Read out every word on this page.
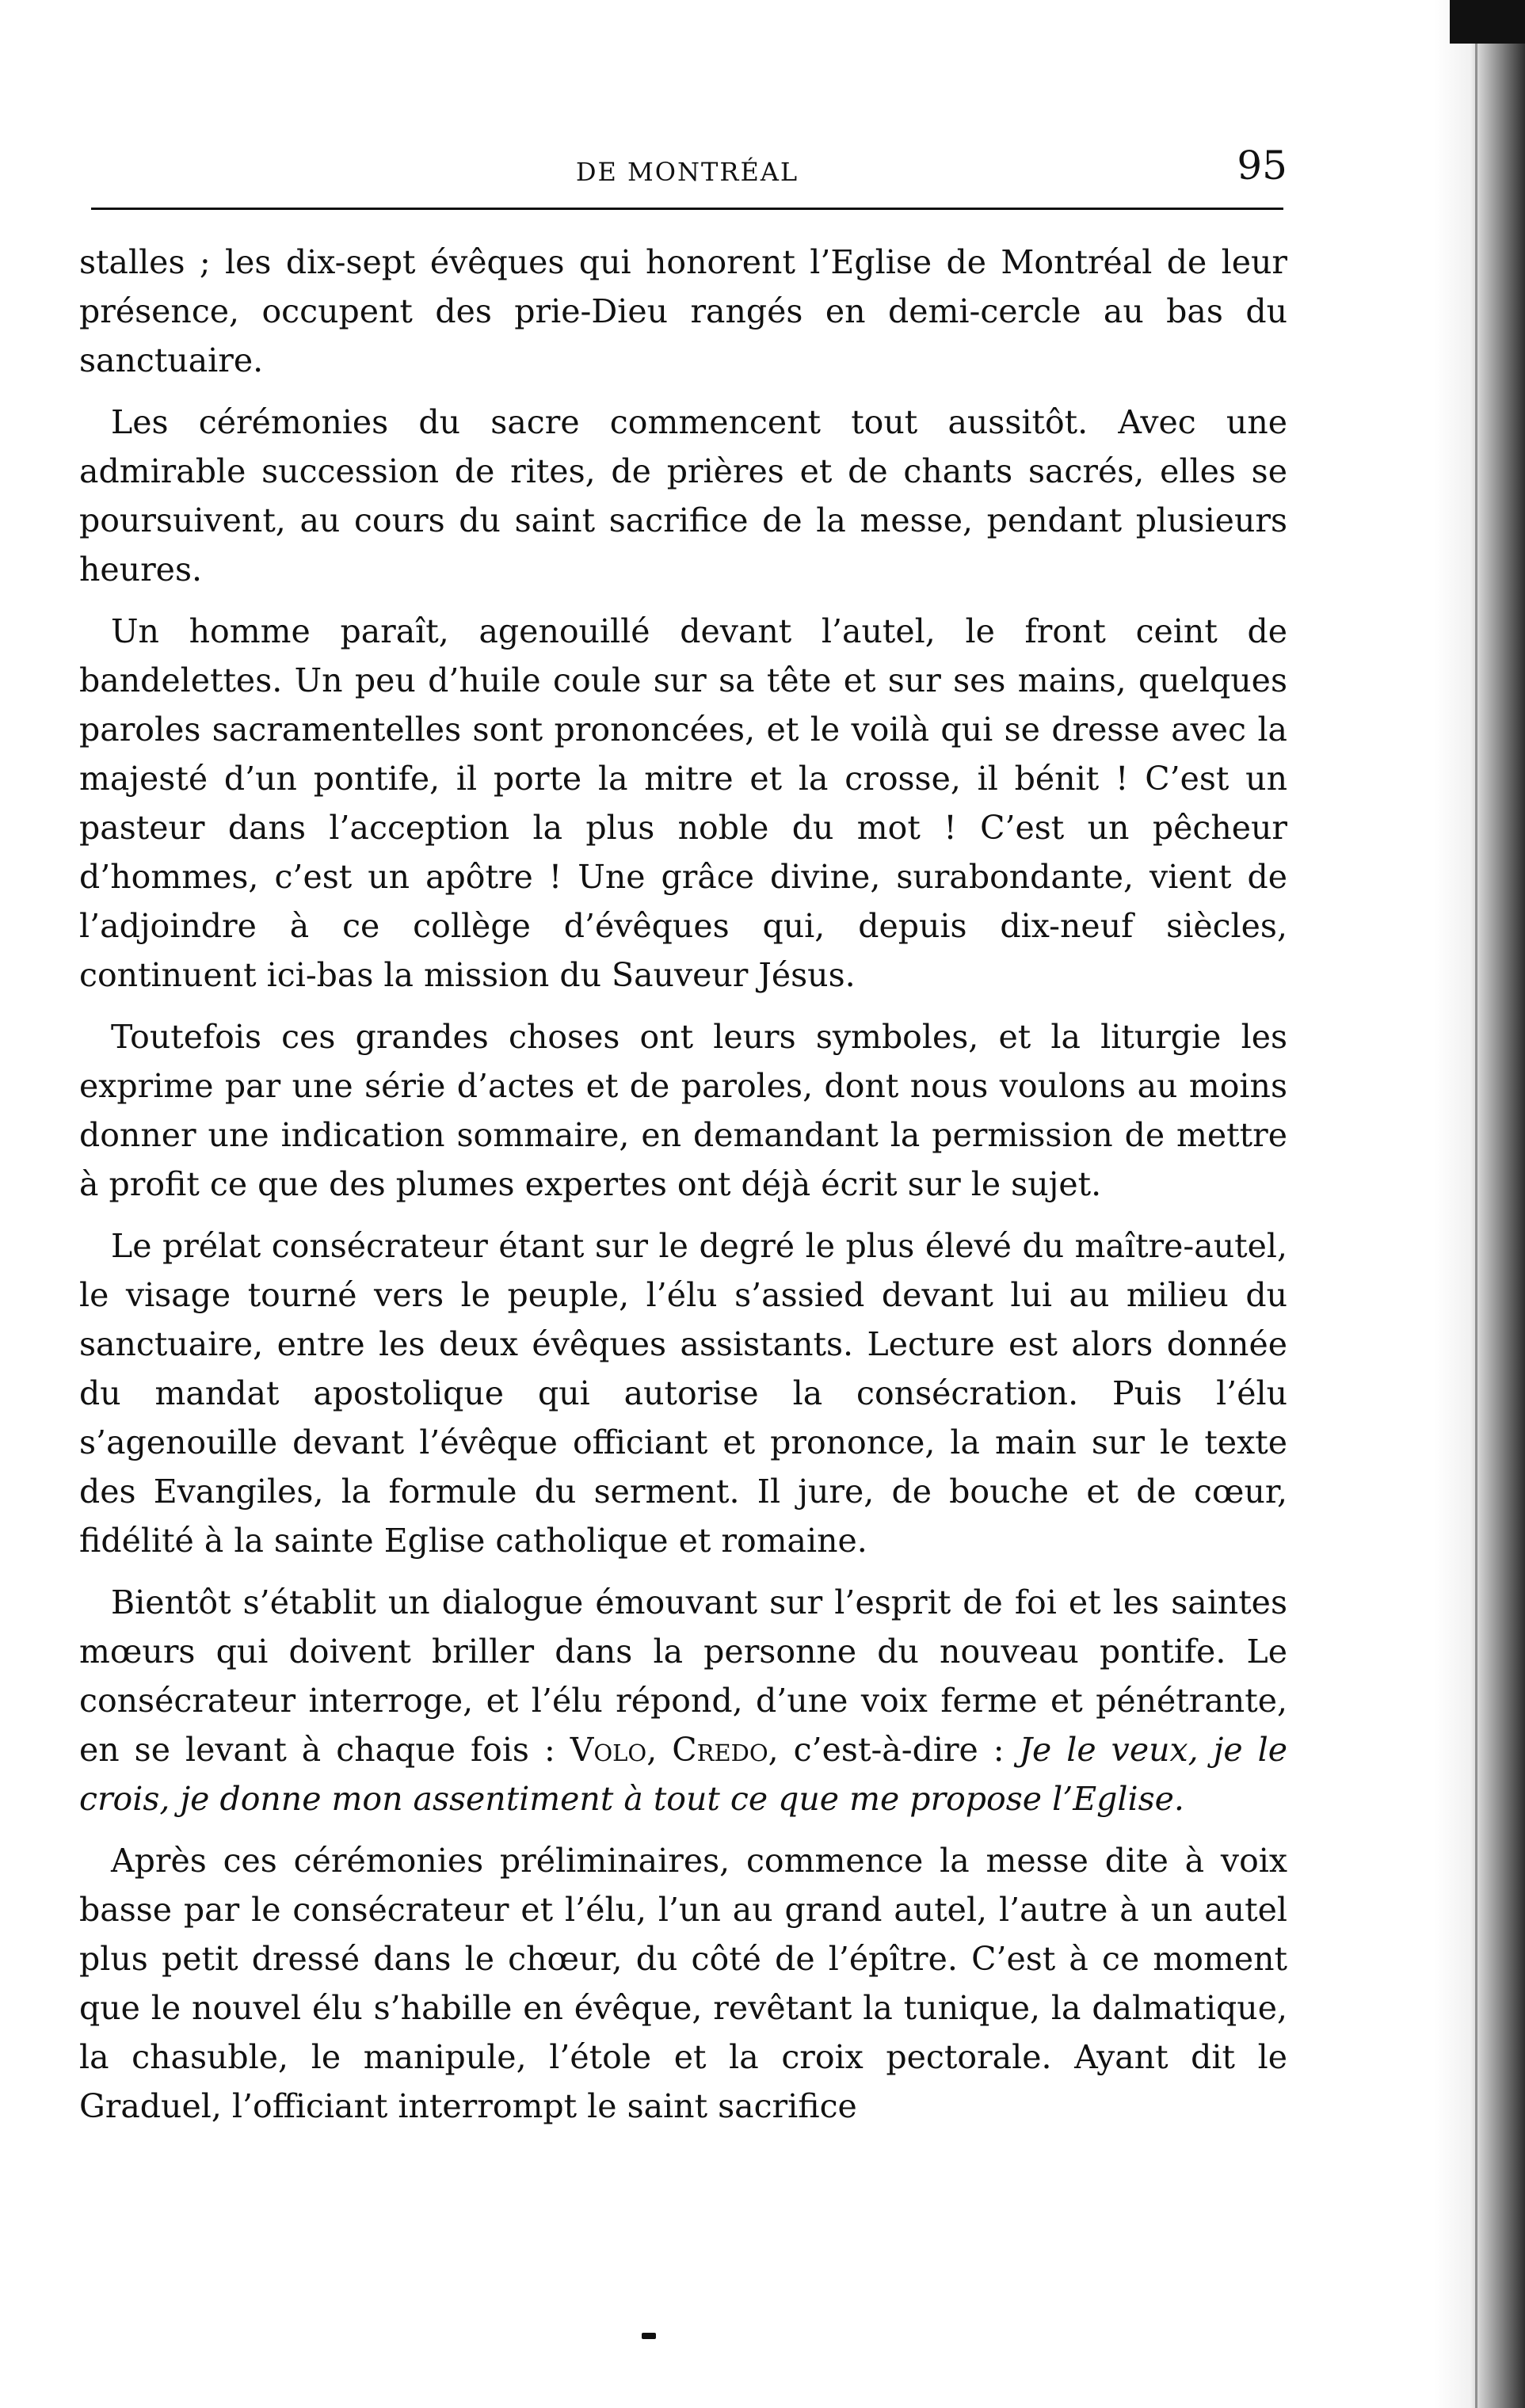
DE MONTRÉAL	95

stalles ; les dix-sept évêques qui honorent l’Eglise de Montréal de leur présence, occupent des prie-Dieu rangés en demi-cercle au bas du sanctuaire.

Les cérémonies du sacre commencent tout aussitôt. Avec une admirable succession de rites, de prières et de chants sacrés, elles se poursuivent, au cours du saint sacrifice de la messe, pendant plusieurs heures.

Un homme paraît, agenouillé devant l’autel, le front ceint de bandelettes. Un peu d’huile coule sur sa tête et sur ses mains, quelques paroles sacramentelles sont prononcées, et le voilà qui se dresse avec la majesté d’un pontife, il porte la mitre et la crosse, il bénit ! C’est un pasteur dans l’acception la plus noble du mot ! C’est un pêcheur d’hommes, c’est un apôtre ! Une grâce divine, surabondante, vient de l’adjoindre à ce collège d’évêques qui, depuis dix-neuf siècles, continuent ici-bas la mission du Sauveur Jésus.

Toutefois ces grandes choses ont leurs symboles, et la liturgie les exprime par une série d’actes et de paroles, dont nous voulons au moins donner une indication sommaire, en demandant la permission de mettre à profit ce que des plumes expertes ont déjà écrit sur le sujet.

Le prélat consécrateur étant sur le degré le plus élevé du maître-autel, le visage tourné vers le peuple, l’élu s’assied devant lui au milieu du sanctuaire, entre les deux évêques assistants. Lecture est alors donnée du mandat apostolique qui autorise la consécration. Puis l’élu s’agenouille devant l’évêque officiant et prononce, la main sur le texte des Evangiles, la formule du serment. Il jure, de bouche et de cœur, fidélité à la sainte Eglise catholique et romaine.

Bientôt s’établit un dialogue émouvant sur l’esprit de foi et les saintes mœurs qui doivent briller dans la personne du nouveau pontife. Le consécrateur interroge, et l’élu répond, d’une voix ferme et pénétrante, en se levant à chaque fois : Volo, Credo, c’est-à-dire : Je le veux, je le crois, je donne mon assentiment à tout ce que me propose l’Eglise.

Après ces cérémonies préliminaires, commence la messe dite à voix basse par le consécrateur et l’élu, l’un au grand autel, l’autre à un autel plus petit dressé dans le chœur, du côté de l’épître. C’est à ce moment que le nouvel élu s’habille en évêque, revêtant la tunique, la dalmatique, la chasuble, le manipule, l’étole et la croix pectorale. Ayant dit le Graduel, l’officiant interrompt le saint sacrifice
